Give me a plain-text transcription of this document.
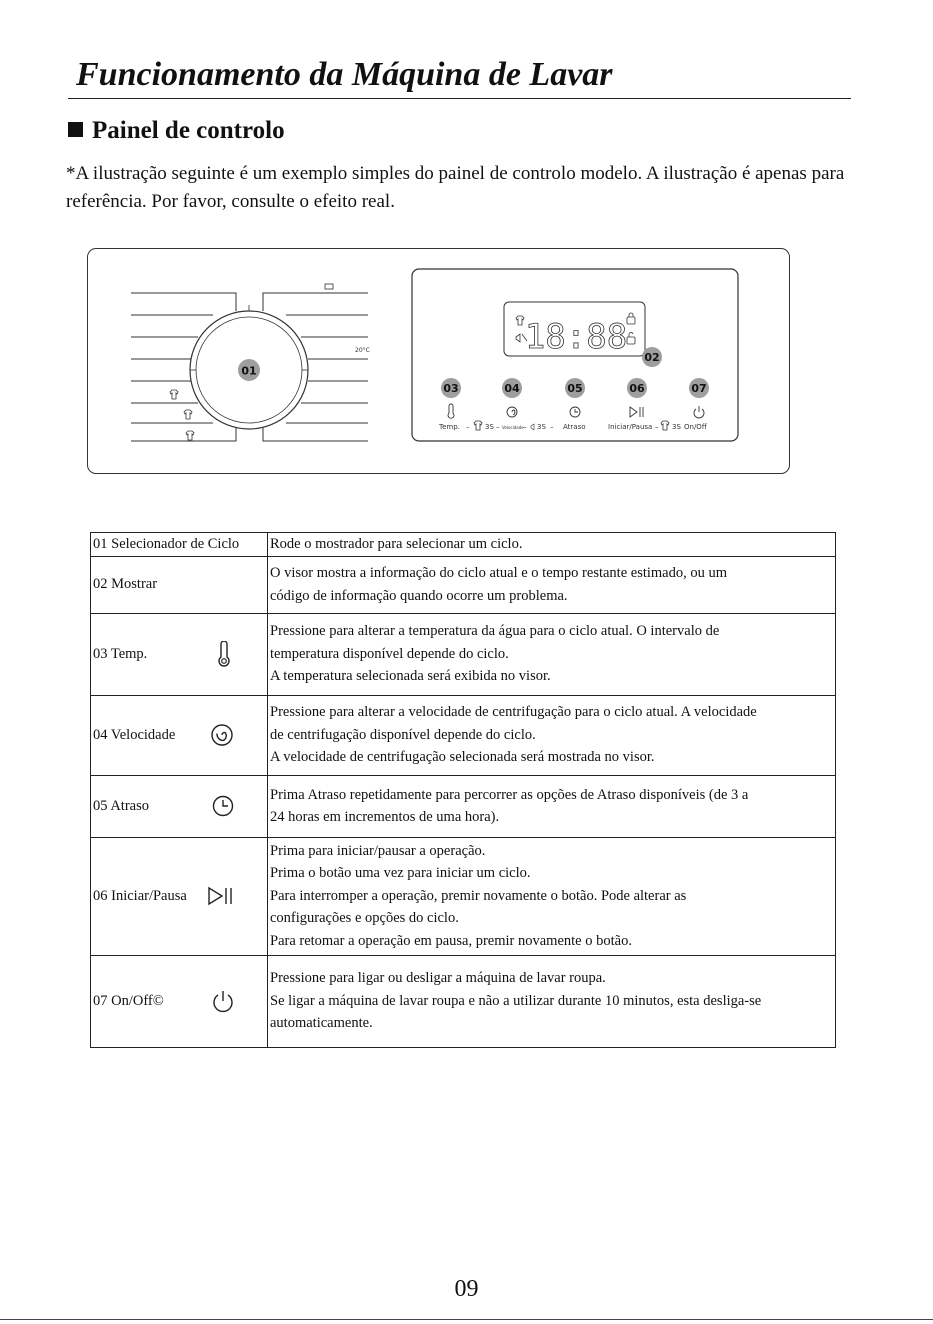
Funcionamento da Máquina de Lavar
Painel de controlo
*A ilustração seguinte é um exemplo simples do painel de controlo modelo. A ilustração é apenas para referência. Por favor, consulte o efeito real.
01
20°C	18:88
02
03	04	05	06	07
Temp. – 3S – Velocidade – 3S – Atraso	Iniciar/Pausa – 3S On/Off
01 Selecionador de Ciclo	Rode o mostrador para selecionar um ciclo.

02 Mostrar	O visor mostra a informação do ciclo atual e o tempo restante estimado, ou um
código de informação quando ocorre um problema.

03 Temp.	Pressione para alterar a temperatura da água para o ciclo atual. O intervalo de
temperatura disponível depende do ciclo.
A temperatura selecionada será exibida no visor.

04 Velocidade	Pressione para alterar a velocidade de centrifugação para o ciclo atual. A velocidade
de centrifugação disponível depende do ciclo.
A velocidade de centrifugação selecionada será mostrada no visor.

05 Atraso	Prima Atraso repetidamente para percorrer as opções de Atraso disponíveis (de 3 a
24 horas em incrementos de uma hora).

06 Iniciar/Pausa	Prima para iniciar/pausar a operação.
Prima o botão uma vez para iniciar um ciclo.
Para interromper a operação, premir novamente o botão. Pode alterar as
configurações e opções do ciclo.
Para retomar a operação em pausa, premir novamente o botão.

07 On/Off©	Pressione para ligar ou desligar a máquina de lavar roupa.
Se ligar a máquina de lavar roupa e não a utilizar durante 10 minutos, esta desliga-se
automaticamente.
09
